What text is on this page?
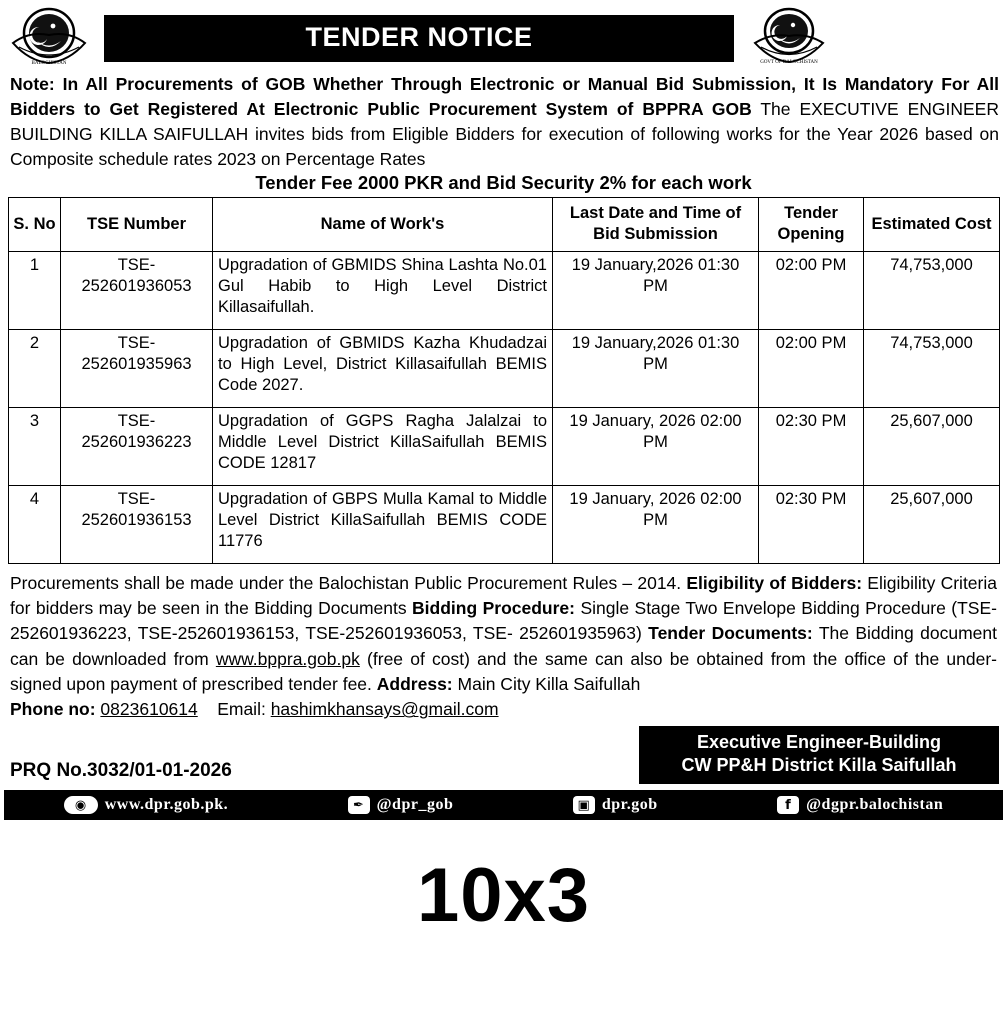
BALOCHISTAN
TENDER NOTICE
GOVT OF BALOCHISTAN
Note: In All Procurements of GOB Whether Through Electronic or Manual Bid Submission, It Is Mandatory For All Bidders to Get Registered At Electronic Public Procurement System of BPPRA GOB The EXECUTIVE ENGINEER BUILDING KILLA SAIFULLAH invites bids from Eligible Bidders for execution of following works for the Year 2026 based on Composite schedule rates 2023 on Percentage Rates
Tender Fee 2000 PKR and Bid Security 2% for each work
S. No	TSE Number	Name of Work's	Last Date and Time of Bid Submission	Tender Opening	Estimated Cost
1	TSE-252601936053	Upgradation of GBMIDS Shina Lashta No.01 Gul Habib to High Level District Killasaifullah.	19 January,2026 01:30 PM	02:00 PM	74,753,000
2	TSE-252601935963	Upgradation of GBMIDS Kazha Khudadzai to High Level, District Killasaifullah BEMIS Code 2027.	19 January,2026 01:30 PM	02:00 PM	74,753,000
3	TSE-252601936223	Upgradation of GGPS Ragha Jalalzai to Middle Level District KillaSaifullah BEMIS CODE 12817	19 January, 2026 02:00 PM	02:30 PM	25,607,000
4	TSE-252601936153	Upgradation of GBPS Mulla Kamal to Middle Level District KillaSaifullah BEMIS CODE 11776	19 January, 2026 02:00 PM	02:30 PM	25,607,000
Procurements shall be made under the Balochistan Public Procurement Rules – 2014. Eligibility of Bidders: Eligibility Criteria for bidders may be seen in the Bidding Documents Bidding Procedure: Single Stage Two Envelope Bidding Procedure (TSE-252601936223, TSE-252601936153, TSE-252601936053, TSE- 252601935963) Tender Documents: The Bidding document can be downloaded from www.bppra.gob.pk (free of cost) and the same can also be obtained from the office of the under-signed upon payment of prescribed tender fee. Address: Main City Killa Saifullah
Phone no: 0823610614 Email: hashimkhansays@gmail.com
PRQ No.3032/01-01-2026
Executive Engineer-Building
CW PP&H District Killa Saifullah
◉	www.dpr.gob.pk.	✒ @dpr_gob	▣ dpr.gob	f @dgpr.balochistan
10x3
